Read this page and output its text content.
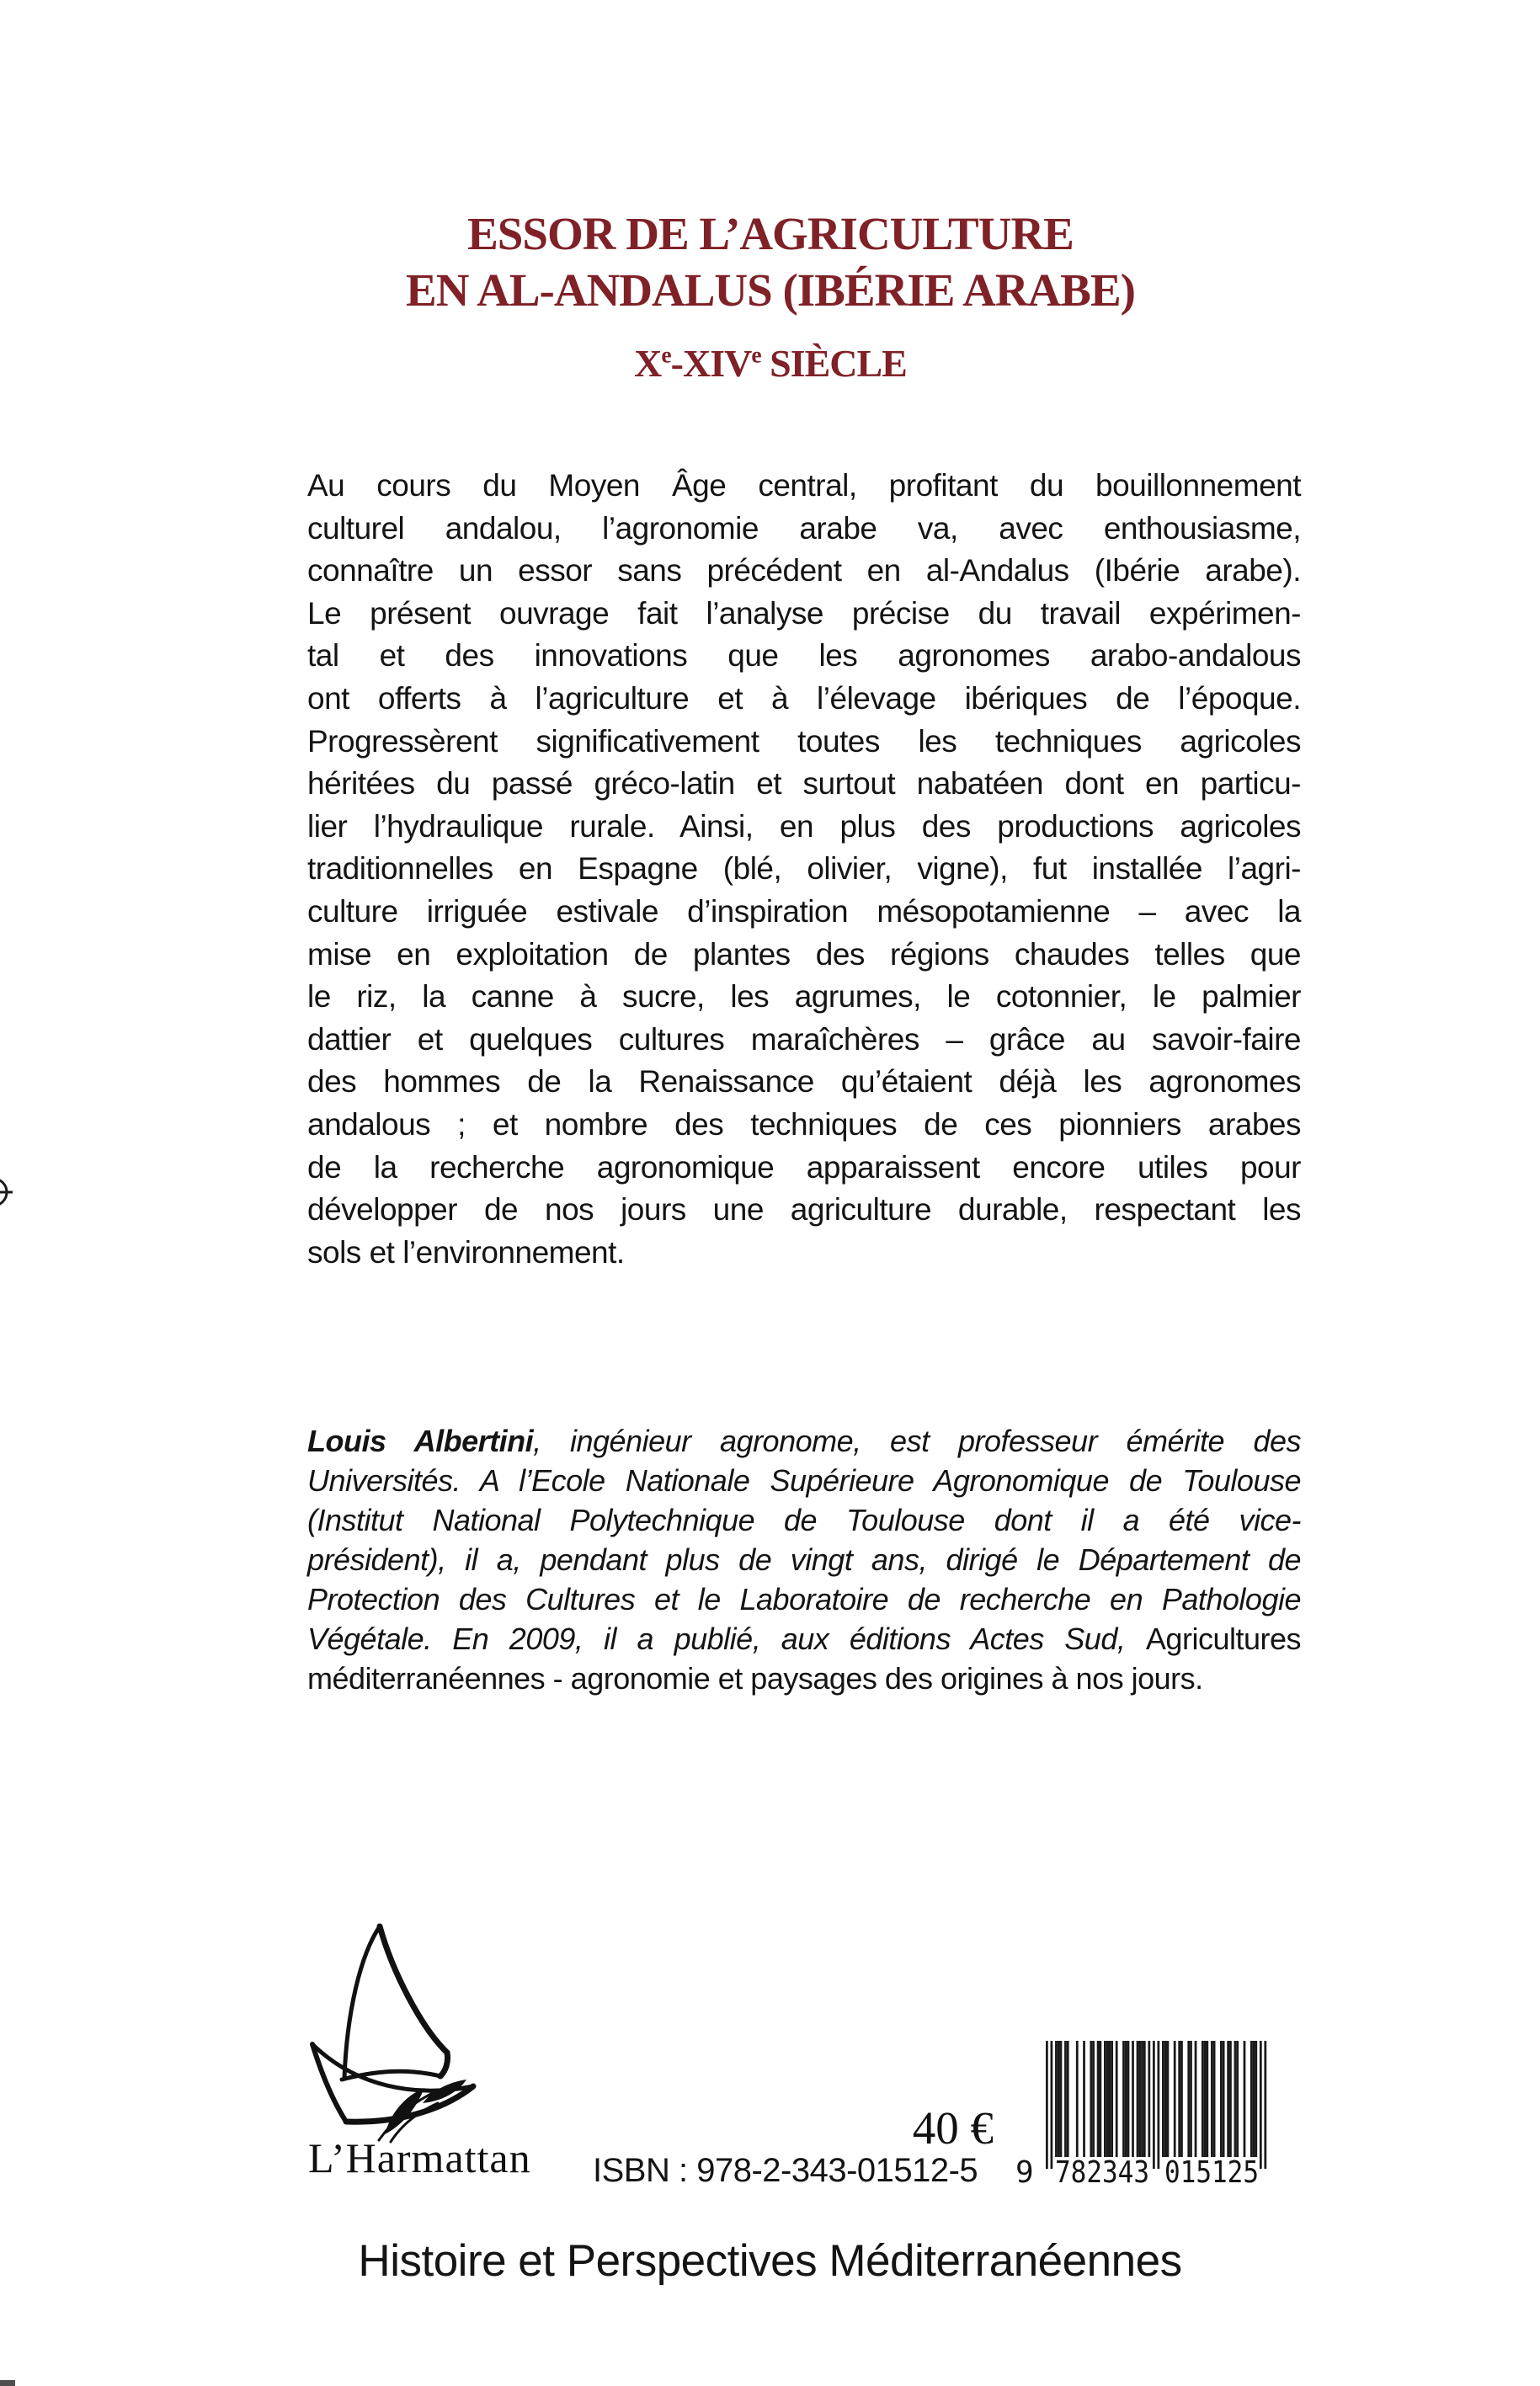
ESSOR DE L’AGRICULTURE
EN AL-ANDALUS (IBÉRIE ARABE)
Xe-XIVe SIÈCLE
Au cours du Moyen Âge central, profitant du bouillonnement
culturel andalou, l’agronomie arabe va, avec enthousiasme,
connaître un essor sans précédent en al-Andalus (Ibérie arabe).
Le présent ouvrage fait l’analyse précise du travail expérimen-
tal et des innovations que les agronomes arabo-andalous
ont offerts à l’agriculture et à l’élevage ibériques de l’époque.
Progressèrent significativement toutes les techniques agricoles
héritées du passé gréco-latin et surtout nabatéen dont en particu-
lier l’hydraulique rurale. Ainsi, en plus des productions agricoles
traditionnelles en Espagne (blé, olivier, vigne), fut installée l’agri-
culture irriguée estivale d’inspiration mésopotamienne – avec la
mise en exploitation de plantes des régions chaudes telles que
le riz, la canne à sucre, les agrumes, le cotonnier, le palmier
dattier et quelques cultures maraîchères – grâce au savoir-faire
des hommes de la Renaissance qu’étaient déjà les agronomes
andalous ; et nombre des techniques de ces pionniers arabes
de la recherche agronomique apparaissent encore utiles pour
développer de nos jours une agriculture durable, respectant les
sols et l’environnement.
Louis Albertini, ingénieur agronome, est professeur émérite des
Universités. A l’Ecole Nationale Supérieure Agronomique de Toulouse
(Institut National Polytechnique de Toulouse dont il a été vice-
président), il a, pendant plus de vingt ans, dirigé le Département de
Protection des Cultures et le Laboratoire de recherche en Pathologie
Végétale. En 2009, il a publié, aux éditions Actes Sud, Agricultures
méditerranéennes - agronomie et paysages des origines à nos jours.
L’Harmattan
40 €
ISBN : 978-2-343-01512-5 9 782343 015125
Histoire et Perspectives Méditerranéennes
